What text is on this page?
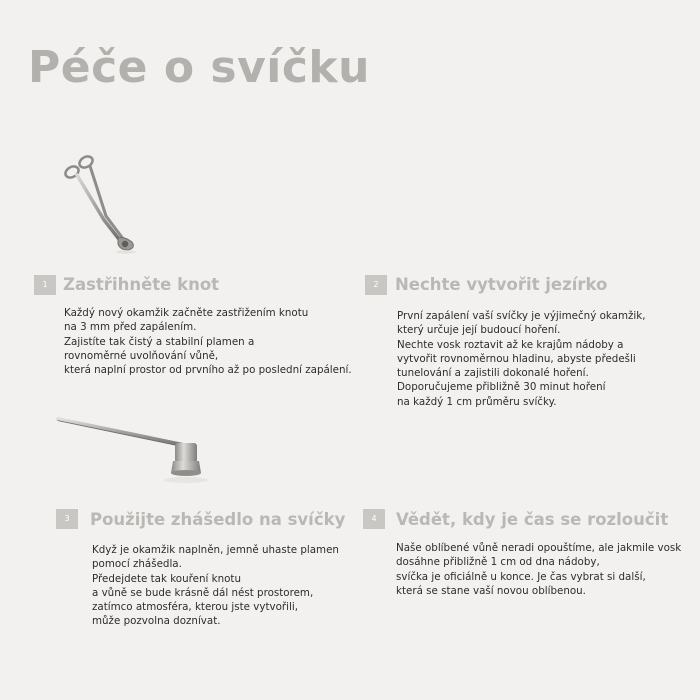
Péče o svíčku
1 Zastřihněte knot
Každý nový okamžik začněte zastřižením knotu
na 3 mm před zapálením.
Zajistíte tak čistý a stabilní plamen a
rovnoměrné uvolňování vůně,
která naplní prostor od prvního až po poslední zapálení.
2 Nechte vytvořit jezírko
První zapálení vaší svíčky je výjimečný okamžik,
který určuje její budoucí hoření.
Nechte vosk roztavit až ke krajům nádoby a
vytvořit rovnoměrnou hladinu, abyste předešli
tunelování a zajistili dokonalé hoření.
Doporučujeme přibližně 30 minut hoření
na každý 1 cm průměru svíčky.
3	Použijte zhášedlo na svíčky
Když je okamžik naplněn, jemně uhaste plamen
pomocí zhášedla.
Předejdete tak kouření knotu
a vůně se bude krásně dál nést prostorem,
zatímco atmosféra, kterou jste vytvořili,
může pozvolna doznívat.
4	Vědět, kdy je čas se rozloučit
Naše oblíbené vůně neradi opouštíme, ale jakmile vosk
dosáhne přibližně 1 cm od dna nádoby,
svíčka je oficiálně u konce. Je čas vybrat si další,
která se stane vaší novou oblíbenou.
